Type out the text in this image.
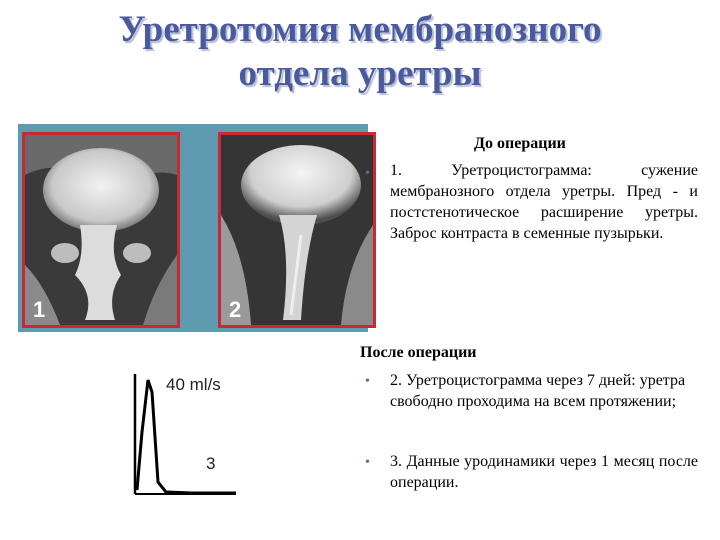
Уретротомия мембранозного
отдела уретры
1	2
До операции
• 1. Уретроцистограмма: сужение мембранозного отдела уретры. Пред - и постстенотическое расширение уретры. Заброс контраста в семенные пузырьки.
После операции
• 2. Уретроцистограмма через 7 дней: уретра свободно проходима на всем протяжении;
• 3. Данные уродинамики через 1 месяц после операции.
40 ml/s
3
